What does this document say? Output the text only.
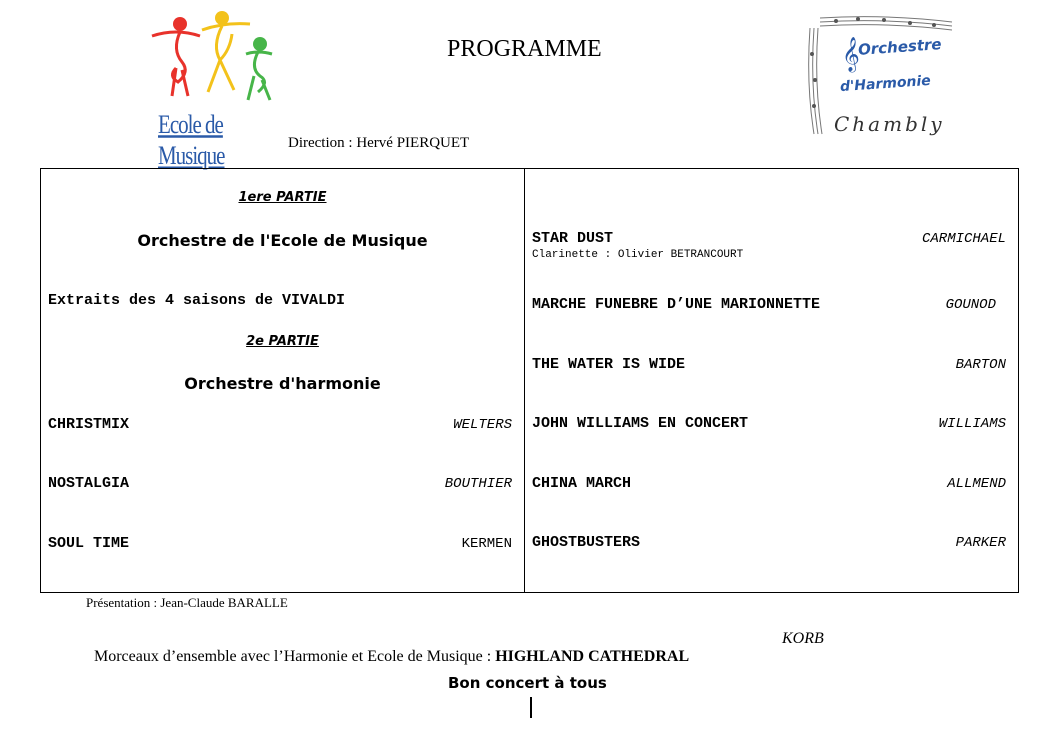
Ecole de Musique
PROGRAMME	𝄞
Orchestre
d'Harmonie
Chambly
Direction : Hervé PIERQUET
1ere PARTIE
Orchestre de l'Ecole de Musique
Extraits des 4 saisons de VIVALDI
2e PARTIE
Orchestre d'harmonie
CHRISTMIX	WELTERS
NOSTALGIA	BOUTHIER
SOUL TIME	KERMEN
STAR DUST	CARMICHAEL
Clarinette : Olivier BETRANCOURT
MARCHE FUNEBRE D’UNE MARIONNETTE	GOUNOD
THE WATER IS WIDE	BARTON
JOHN WILLIAMS EN CONCERT	WILLIAMS
CHINA MARCH	ALLMEND
GHOSTBUSTERS	PARKER
Présentation : Jean-Claude BARALLE

Morceaux d’ensemble avec l’Harmonie et Ecole de Musique : HIGHLAND CATHEDRAL

KORB
Bon concert à tous
